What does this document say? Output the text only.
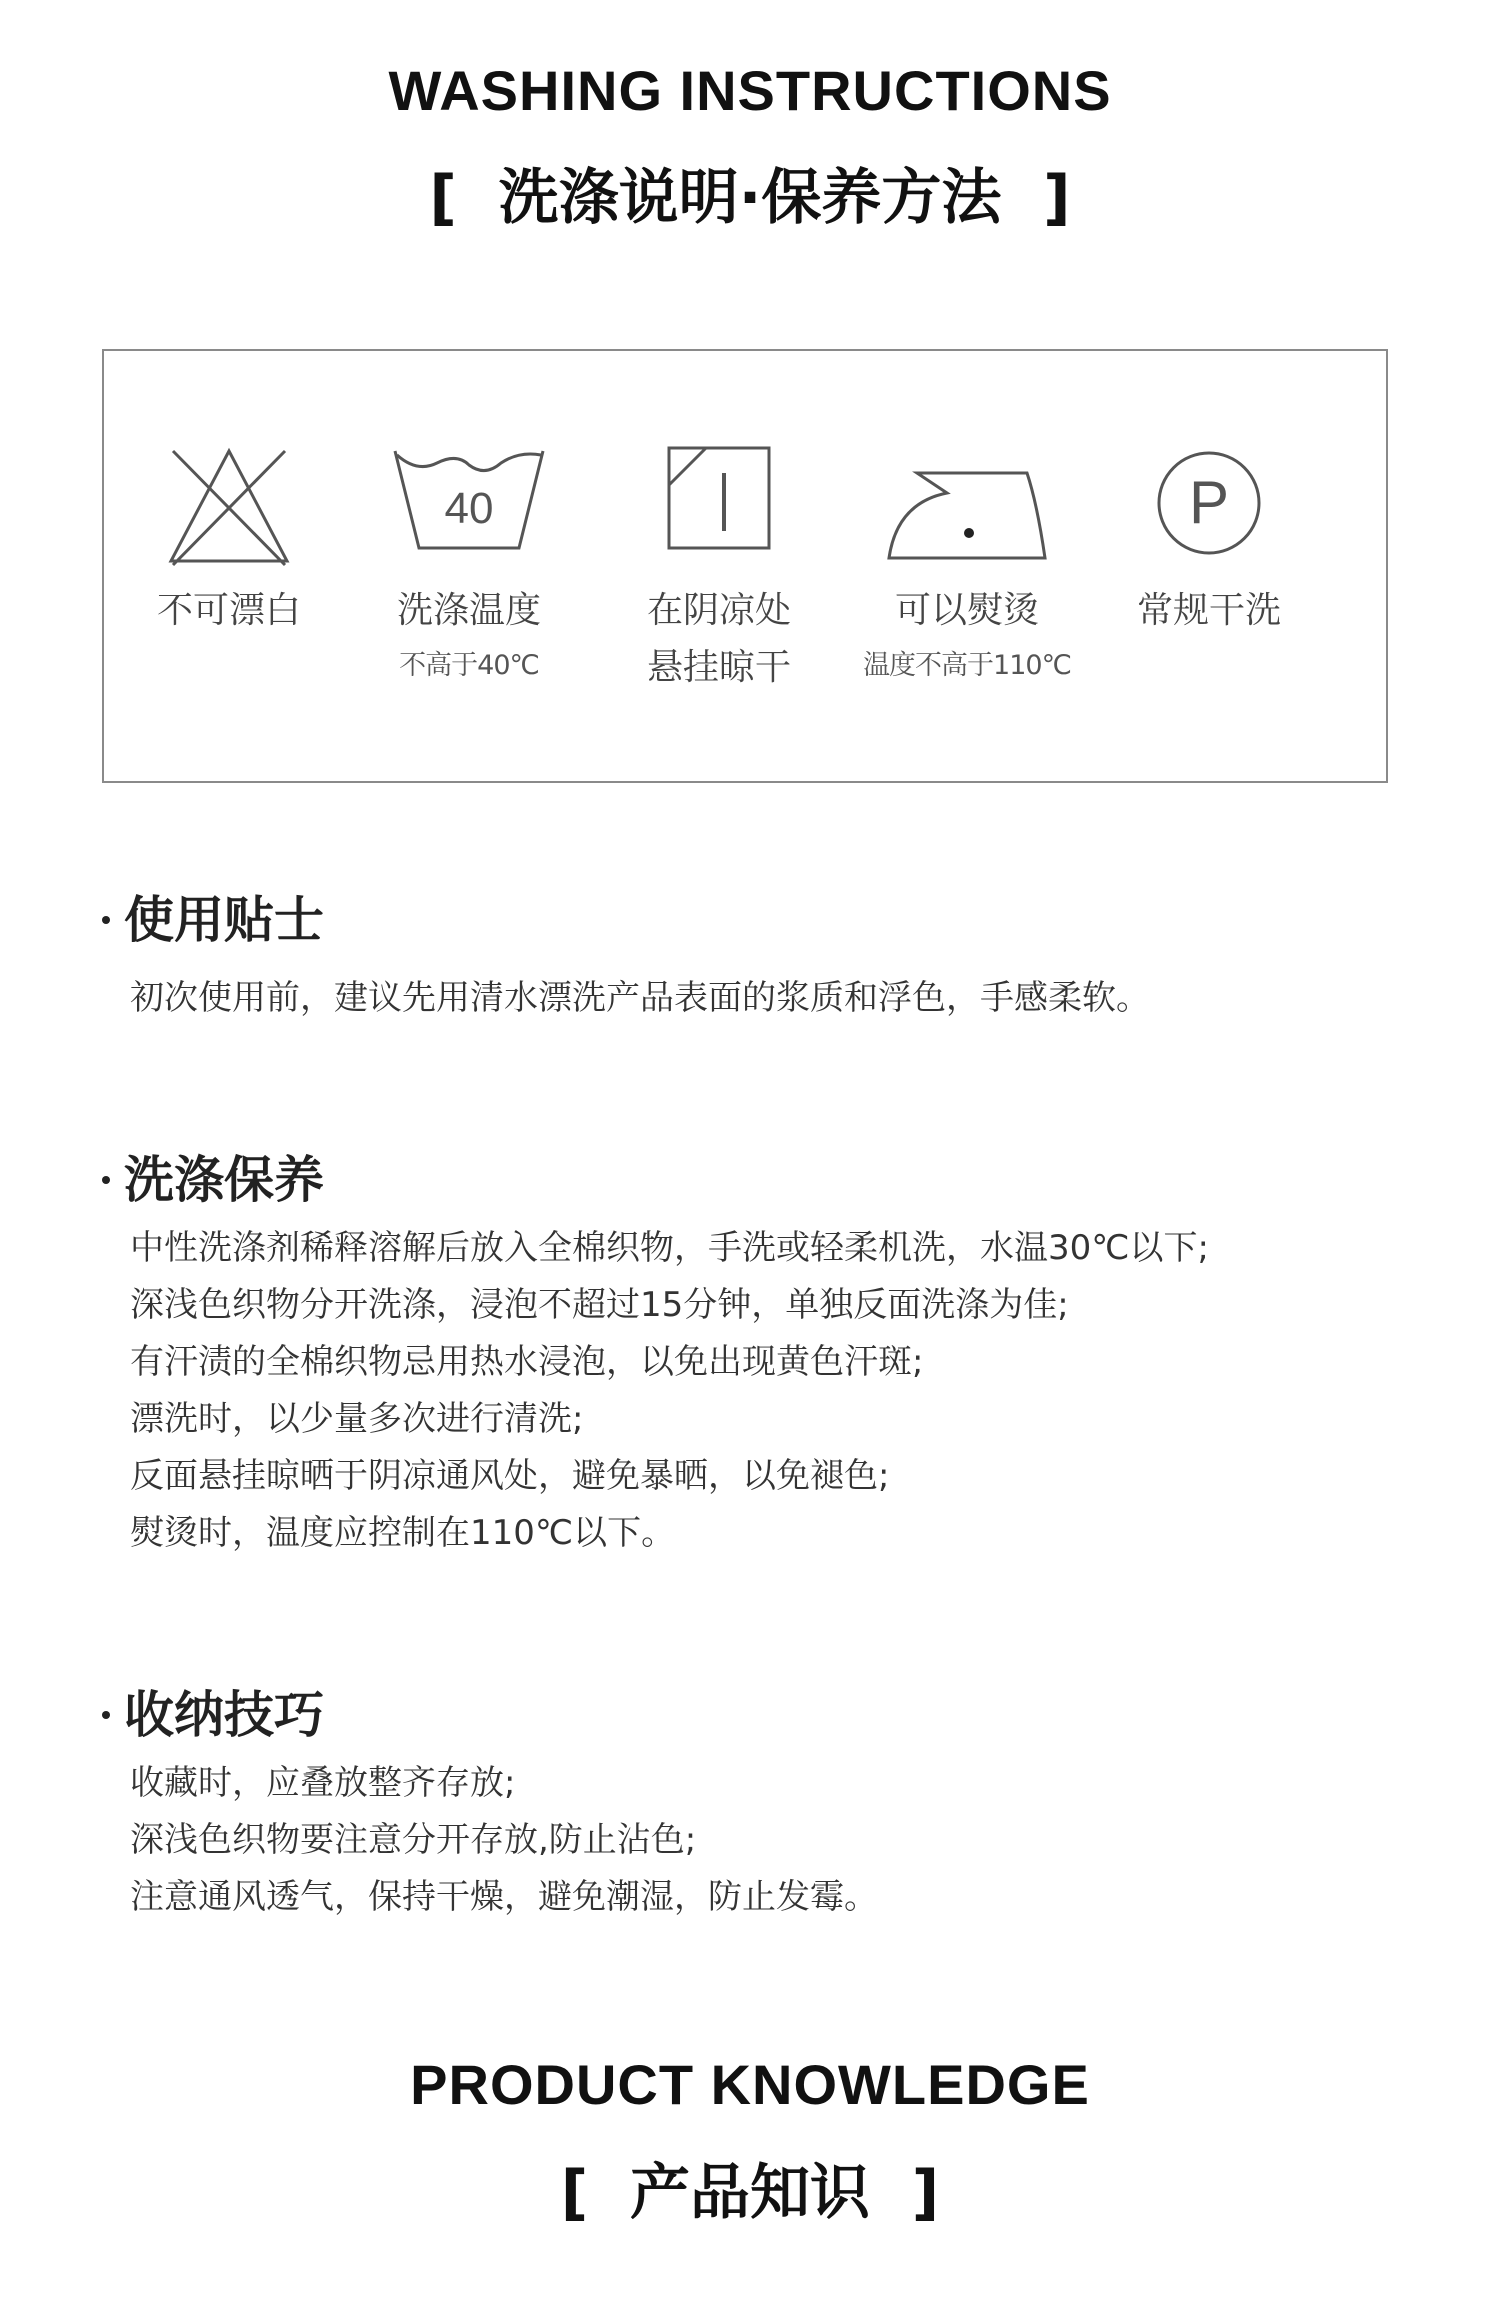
WASHING INSTRUCTIONS
[  洗涤说明·保养方法  ]
不可漂白
40
洗涤温度
不高于40℃
在阴凉处
悬挂晾干
可以熨烫
温度不高于110℃
P
常规干洗
使用贴士
初次使用前，建议先用清水漂洗产品表面的浆质和浮色，手感柔软。
洗涤保养
中性洗涤剂稀释溶解后放入全棉织物，手洗或轻柔机洗，水温30℃以下;
深浅色织物分开洗涤，浸泡不超过15分钟，单独反面洗涤为佳;
有汗渍的全棉织物忌用热水浸泡，以免出现黄色汗斑;
漂洗时，以少量多次进行清洗;
反面悬挂晾晒于阴凉通风处，避免暴晒，以免褪色;
熨烫时，温度应控制在110℃以下。
收纳技巧
收藏时，应叠放整齐存放;
深浅色织物要注意分开存放,防止沾色;
注意通风透气，保持干燥，避免潮湿，防止发霉。
PRODUCT KNOWLEDGE
[  产品知识  ]
